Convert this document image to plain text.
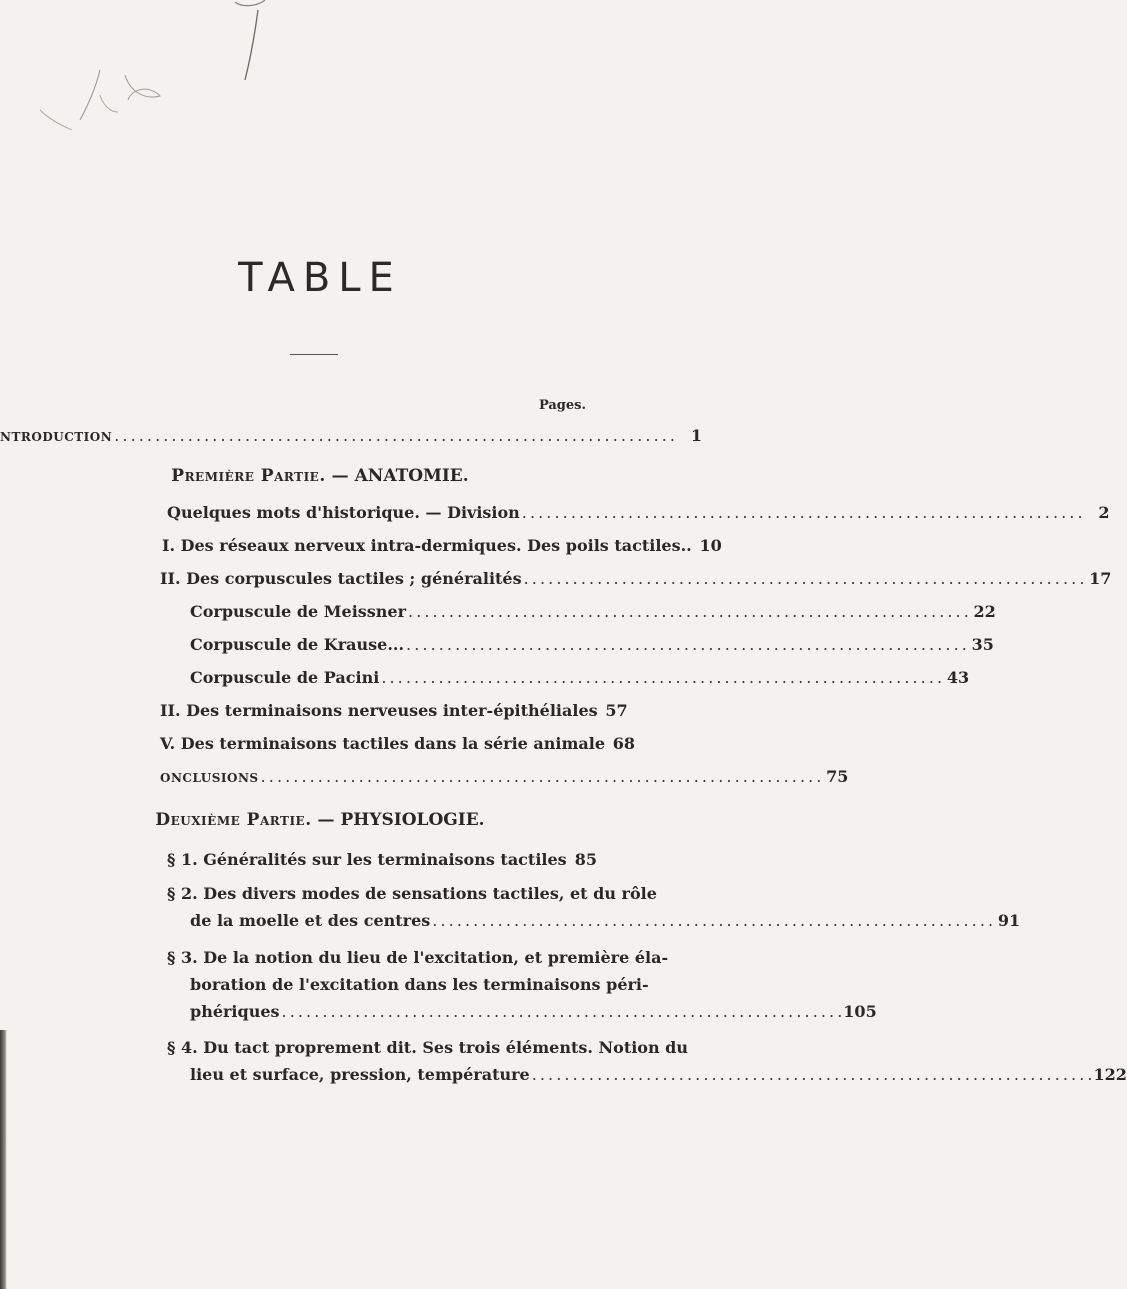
TABLE
Pages.
NTRODUCTION . . .	1
Première Partie. — ANATOMIE.
Quelques mots d'historique. — Division . . .	2
I. Des réseaux nerveux intra-dermiques. Des poils tactiles.. 10
II. Des corpuscules tactiles ; généralités . . .	17
Corpuscule de Meissner . . .	22
Corpuscule de Krause... . . .	35
Corpuscule de Pacini . . .	43
II. Des terminaisons nerveuses inter-épithéliales 57
V. Des terminaisons tactiles dans la série animale 68
ONCLUSIONS . . .	75
Deuxième Partie. — PHYSIOLOGIE.
§ 1. Généralités sur les terminaisons tactiles . . . 85
§ 2. Des divers modes de sensations tactiles, et du rôle
de la moelle et des centres . . .	91
§ 3. De la notion du lieu de l'excitation, et première éla-
boration de l'excitation dans les terminaisons péri-
phériques . . .	105
§ 4. Du tact proprement dit. Ses trois éléments. Notion du
lieu et surface, pression, température . . .	122
